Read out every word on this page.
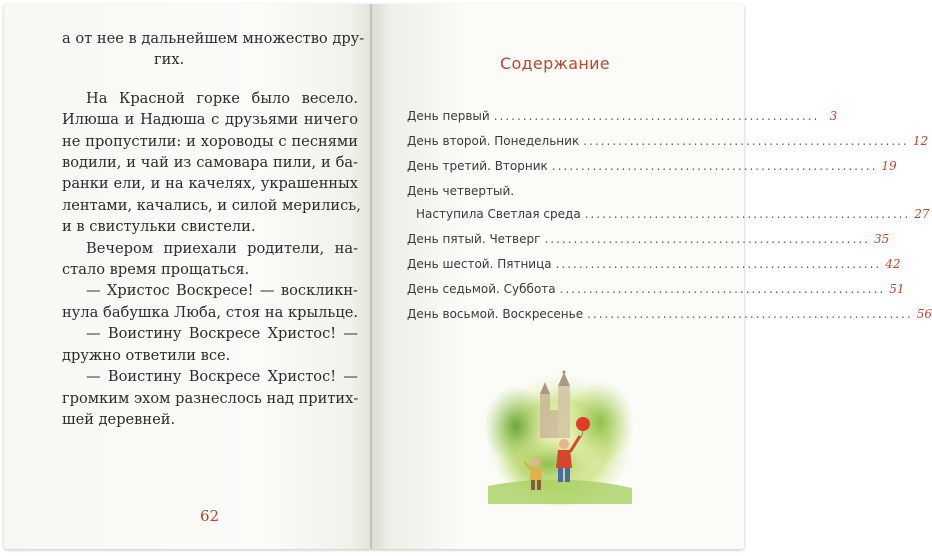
а от нее в дальнейшем множество дру-
гих.
На Красной горке было весело.
Илюша и Надюша с друзьями ничего
не пропустили: и хороводы с песнями
водили, и чай из самовара пили, и ба-
ранки ели, и на качелях, украшенных
лентами, качались, и силой мерились,
и в свистульки свистели.
Вечером приехали родители, на-
стало время прощаться.
— Христос Воскресе! — воскликн-
нула бабушка Люба, стоя на крыльце.
— Воистину Воскресе Христос! —
дружно ответили все.
— Воистину Воскресе Христос! —
громким эхом разнеслось над притих-
шей деревней.

62
Содержание
День первый ........................................................ 3
День второй. Понедельник ........................................................ 12
День третий. Вторник ........................................................ 19
День четвертый.
Наступила Светлая среда ........................................................ 27
День пятый. Четверг ........................................................ 35
День шестой. Пятница ........................................................ 42
День седьмой. Суббота ........................................................ 51
День восьмой. Воскресенье ........................................................ 56
